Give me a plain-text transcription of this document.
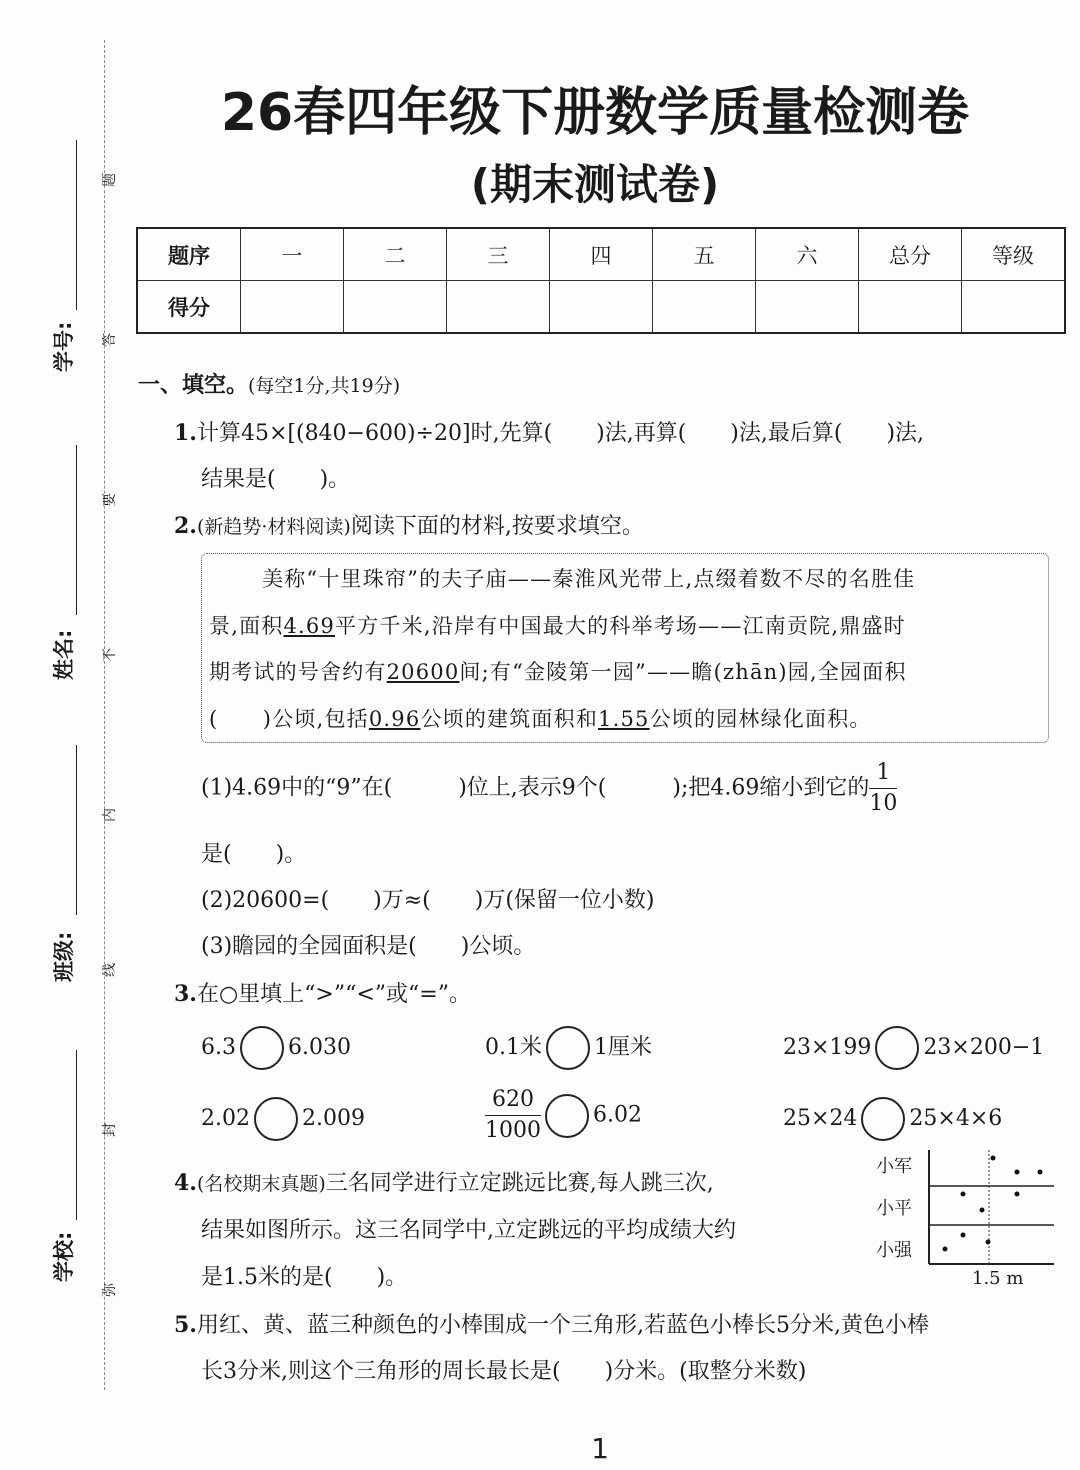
学号:
姓名:
班级:
学校:
题
答
要
不
内
线
封
弥
26春四年级下册数学质量检测卷
(期末测试卷)
题序	一	二	三	四	五	六	总分	等级
得分								
一、填空。(每空1分,共19分)
1.计算45×[(840−600)÷20]时,先算(　　)法,再算(　　)法,最后算(　　)法,
结果是(　　)。
2.(新趋势·材料阅读)阅读下面的材料,按要求填空。
美称“十里珠帘”的夫子庙——秦淮风光带上,点缀着数不尽的名胜佳
景,面积4.69平方千米,沿岸有中国最大的科举考场——江南贡院,鼎盛时
期考试的号舍约有20600间;有“金陵第一园”——瞻(zhān)园,全园面积
(　　)公顷,包括0.96公顷的建筑面积和1.55公顷的园林绿化面积。
(1)4.69中的“9”在(　　　)位上,表示9个(　　　);把4.69缩小到它的 $\frac{1}{10}$
是(　　)。
(2)20600=(　　)万≈(　　)万(保留一位小数)
(3)瞻园的全园面积是(　　)公顷。
3.在○里填上“>”“<”或“=”。
6.3 6.030	0.1米 1厘米	23×199 23×200−1
2.02 2.009	$\frac{620}{1000} 6.02$	25×24 25×4×6
4.(名校期末真题)三名同学进行立定跳远比赛,每人跳三次,
结果如图所示。这三名同学中,立定跳远的平均成绩大约
是1.5米的是(　　)。
小军
小平
小强
1.5 m
5.用红、黄、蓝三种颜色的小棒围成一个三角形,若蓝色小棒长5分米,黄色小棒
长3分米,则这个三角形的周长最长是(　　)分米。(取整分米数)
1
